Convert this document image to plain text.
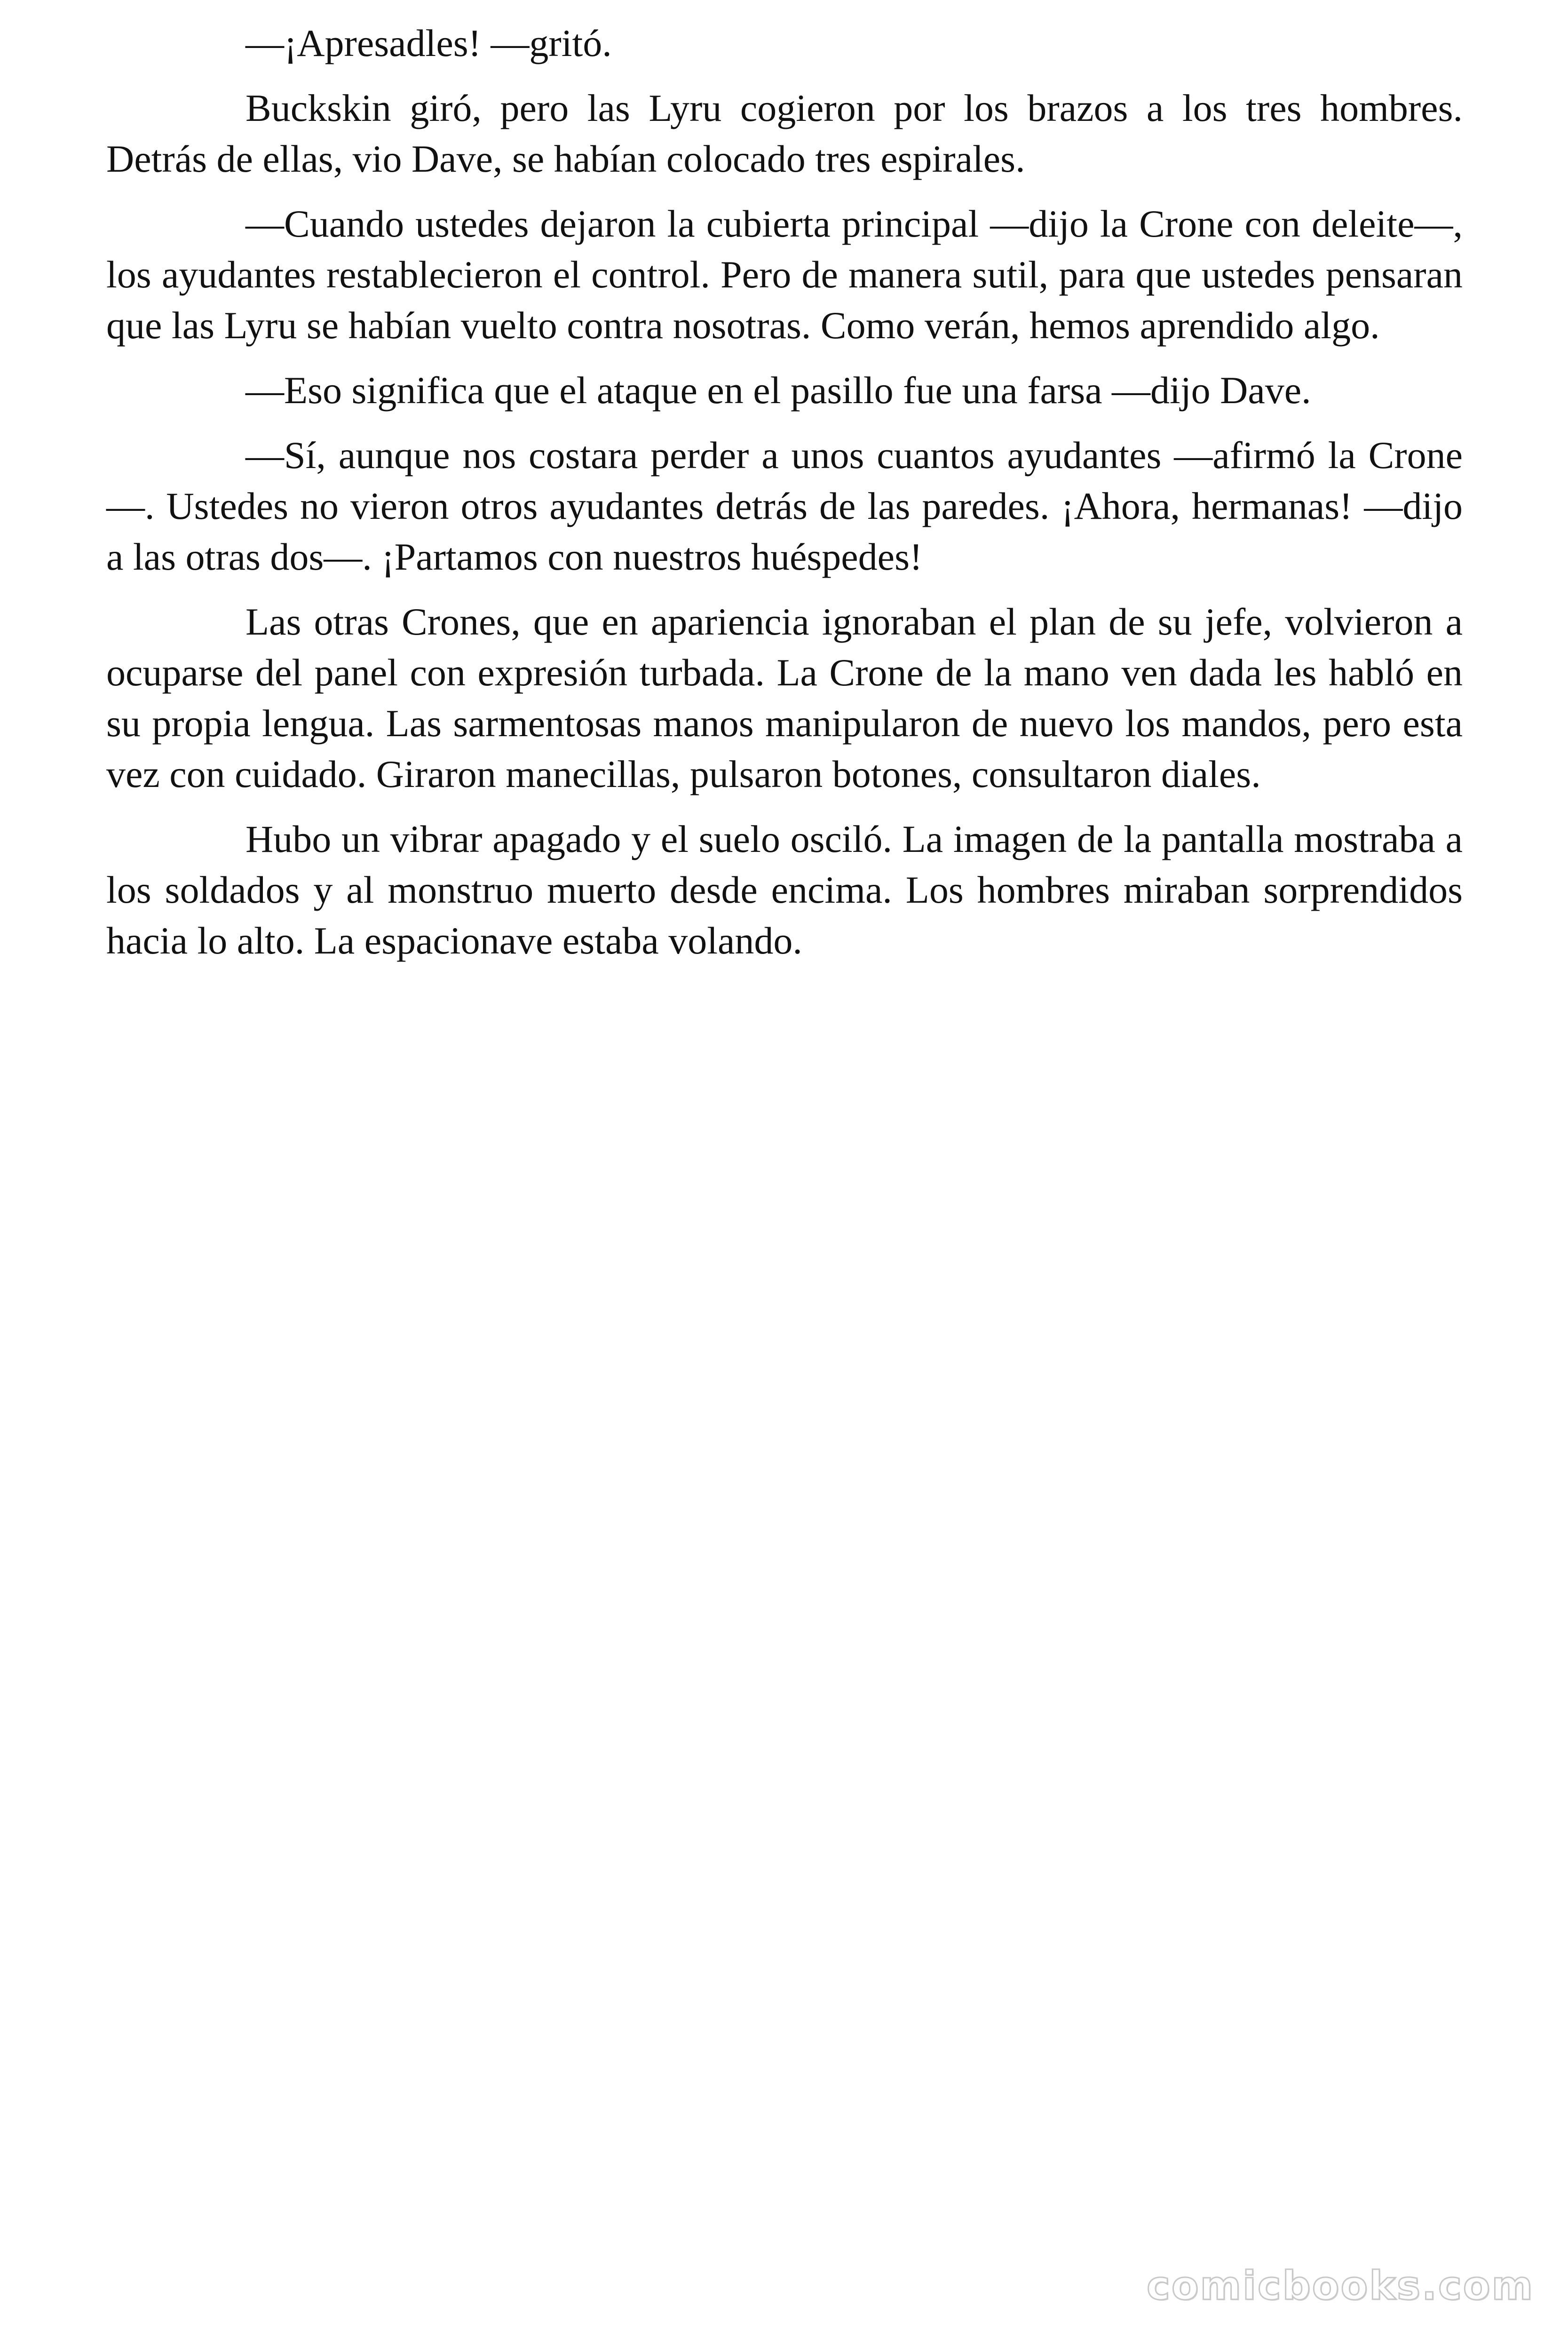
—¡Apresadles! —gritó.

Buckskin giró, pero las Lyru cogieron por los brazos a los tres hombres. Detrás de ellas, vio Dave, se habían colocado tres espirales.

—Cuando ustedes dejaron la cubierta principal —dijo la Crone con deleite—, los ayudantes restablecieron el control. Pero de manera sutil, para que ustedes pensaran que las Lyru se habían vuelto contra nosotras. Como verán, hemos aprendido algo.

—Eso significa que el ataque en el pasillo fue una farsa —dijo Dave.

—Sí, aunque nos costara perder a unos cuantos ayudantes —afirmó la Crone—. Ustedes no vieron otros ayudantes detrás de las paredes. ¡Ahora, hermanas! —dijo a las otras dos—. ¡Partamos con nuestros huéspedes!

Las otras Crones, que en apariencia ignoraban el plan de su jefe, volvieron a ocuparse del panel con expresión turbada. La Crone de la mano ven dada les habló en su propia lengua. Las sarmentosas manos manipularon de nuevo los mandos, pero esta vez con cuidado. Giraron manecillas, pulsaron botones, consultaron diales.

Hubo un vibrar apagado y el suelo osciló. La imagen de la pantalla mostraba a los soldados y al monstruo muerto desde encima. Los hombres miraban sorprendidos hacia lo alto. La espacionave estaba volando.

comicbooks.com
